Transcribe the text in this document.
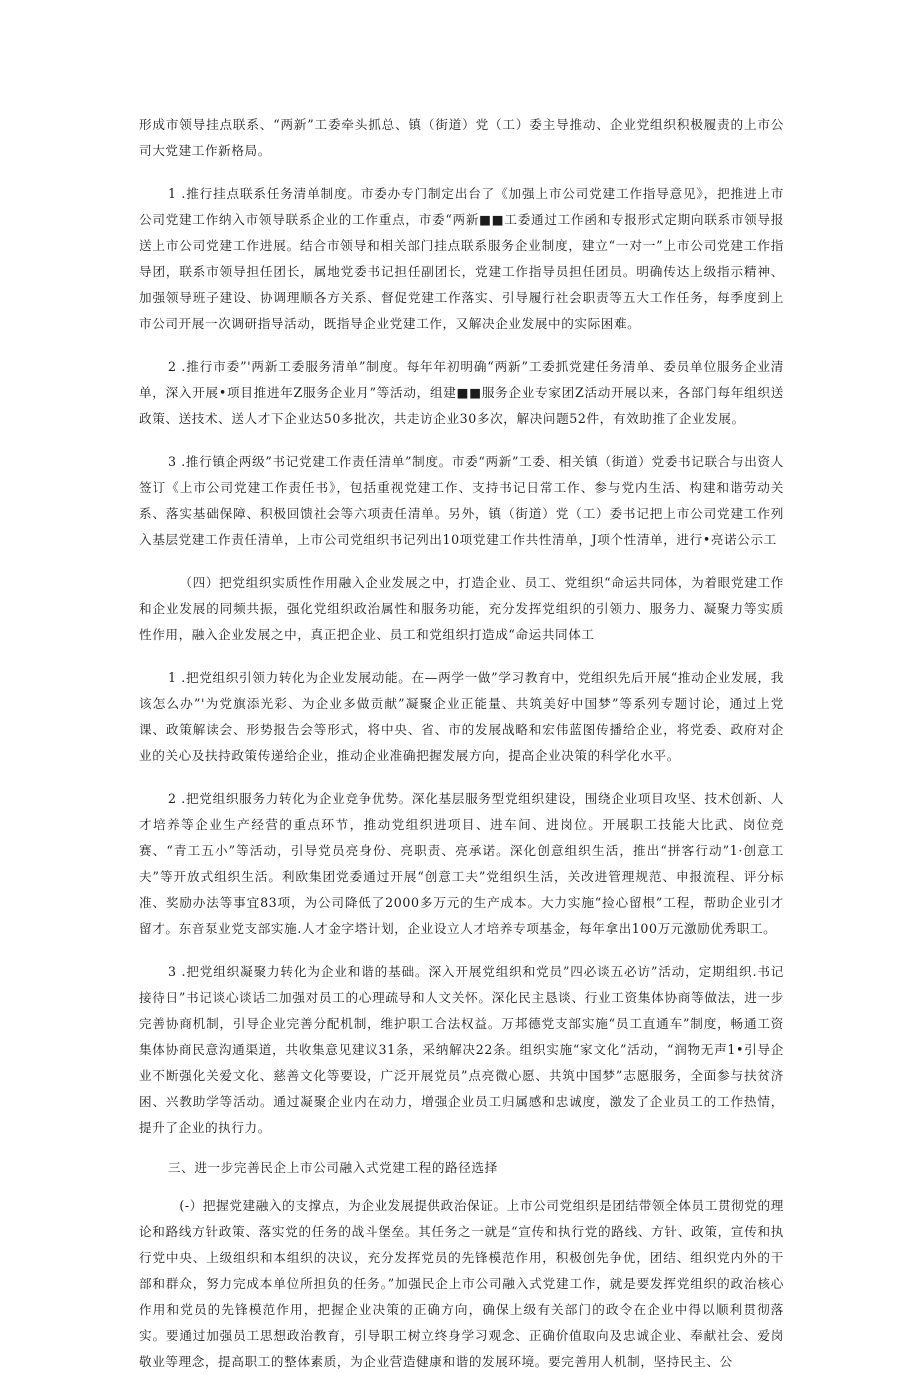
形成市领导挂点联系、“两新”工委牵头抓总、镇（街道）党（工）委主导推动、企业党组织积极履责的上市公司大党建工作新格局。

1 .推行挂点联系任务清单制度。市委办专门制定出台了《加强上市公司党建工作指导意见》，把推进上市公司党建工作纳入市领导联系企业的工作重点，市委“两新■■工委通过工作函和专报形式定期向联系市领导报送上市公司党建工作进展。结合市领导和相关部门挂点联系服务企业制度，建立“一对一”上市公司党建工作指导团，联系市领导担任团长，属地党委书记担任副团长，党建工作指导员担任团员。明确传达上级指示精神、加强领导班子建设、协调理顺各方关系、督促党建工作落实、引导履行社会职责等五大工作任务，每季度到上市公司开展一次调研指导活动，既指导企业党建工作，又解决企业发展中的实际困难。

2 .推行市委”'两新工委服务清单”制度。每年年初明确“两新”工委抓党建任务清单、委员单位服务企业清单，深入开展•项目推进年Z服务企业月”等活动，组建■■服务企业专家团Z活动开展以来，各部门每年组织送政策、送技术、送人才下企业达50多批次，共走访企业30多次，解决问题52件，有效助推了企业发展。

3 .推行镇企两级”书记党建工作责任清单”制度。市委“两新”工委、相关镇（街道）党委书记联合与出资人签订《上市公司党建工作责任书》，包括重视党建工作、支持书记日常工作、参与党内生活、构建和谐劳动关系、落实基础保障、积极回馈社会等六项责任清单。另外，镇（街道）党（工）委书记把上市公司党建工作列入基层党建工作责任清单，上市公司党组织书记列出10项党建工作共性清单，J项个性清单，进行•亮诺公示工

（四）把党组织实质性作用融入企业发展之中，打造企业、员工、党组织“命运共同体，为着眼党建工作和企业发展的同频共振，强化党组织政治属性和服务功能，充分发挥党组织的引领力、服务力、凝聚力等实质性作用，融入企业发展之中，真正把企业、员工和党组织打造成“命运共同体工

1 .把党组织引领力转化为企业发展动能。在—两学一做”学习教育中，党组织先后开展“推动企业发展，我该怎么办”'为党旗添光彩、为企业多做贡献”凝聚企业正能量、共筑美好中国梦”等系列专题讨论，通过上党课、政策解读会、形势报告会等形式，将中央、省、市的发展战略和宏伟蓝图传播给企业，将党委、政府对企业的关心及扶持政策传递给企业，推动企业准确把握发展方向，提高企业决策的科学化水平。

2 .把党组织服务力转化为企业竞争优势。深化基层服务型党组织建设，围绕企业项目攻坚、技术创新、人才培养等企业生产经营的重点环节，推动党组织进项目、进车间、进岗位。开展职工技能大比武、岗位竞赛、“青工五小”等活动，引导党员亮身份、亮职责、亮承诺。深化创意组织生活，推出“拼客行动”1·创意工夫”等开放式组织生活。利欧集团党委通过开展“创意工夫”党组织生活，关改进管理规范、申报流程、评分标准、奖励办法等事宜83项，为公司降低了2000多万元的生产成本。大力实施“捡心留根”工程，帮助企业引才留才。东音泵业党支部实施.人才金字塔计划，企业设立人才培养专项基金，每年拿出100万元激励优秀职工。

3 .把党组织凝聚力转化为企业和谐的基础。深入开展党组织和党员”四必谈五必访”活动，定期组织.书记接待日”书记谈心谈话二加强对员工的心理疏导和人文关怀。深化民主恳谈、行业工资集体协商等做法，进一步完善协商机制，引导企业完善分配机制，维护职工合法权益。万邦德党支部实施“员工直通车”制度，畅通工资集体协商民意沟通渠道，共收集意见建议31条，采纳解决22条。组织实施“家文化”活动，“润物无声1•引导企业不断强化关爱文化、慈善文化等要设，广泛开展党员”点亮微心愿、共筑中国梦”志愿服务，全面参与扶贫济困、兴教助学等活动。通过凝聚企业内在动力，增强企业员工归属感和忠诚度，激发了企业员工的工作热情，提升了企业的执行力。

三、进一步完善民企上市公司融入式党建工程的路径选择

(-）把握党建融入的支撑点，为企业发展提供政治保证。上市公司党组织是团结带领全体员工贯彻党的理论和路线方针政策、落实党的任务的战斗堡垒。其任务之一就是“宣传和执行党的路线、方针、政策，宣传和执行党中央、上级组织和本组织的决议，充分发挥党员的先锋模范作用，积极创先争优，团结、组织党内外的干部和群众，努力完成本单位所担负的任务。”加强民企上市公司融入式党建工作，就是要发挥党组织的政治核心作用和党员的先锋模范作用，把握企业决策的正确方向，确保上级有关部门的政令在企业中得以顺利贯彻落实。要通过加强员工思想政治教育，引导职工树立终身学习观念、正确价值取向及忠诚企业、奉献社会、爱岗敬业等理念，提高职工的整体素质，为企业营造健康和谐的发展环境。要完善用人机制，坚持民主、公
